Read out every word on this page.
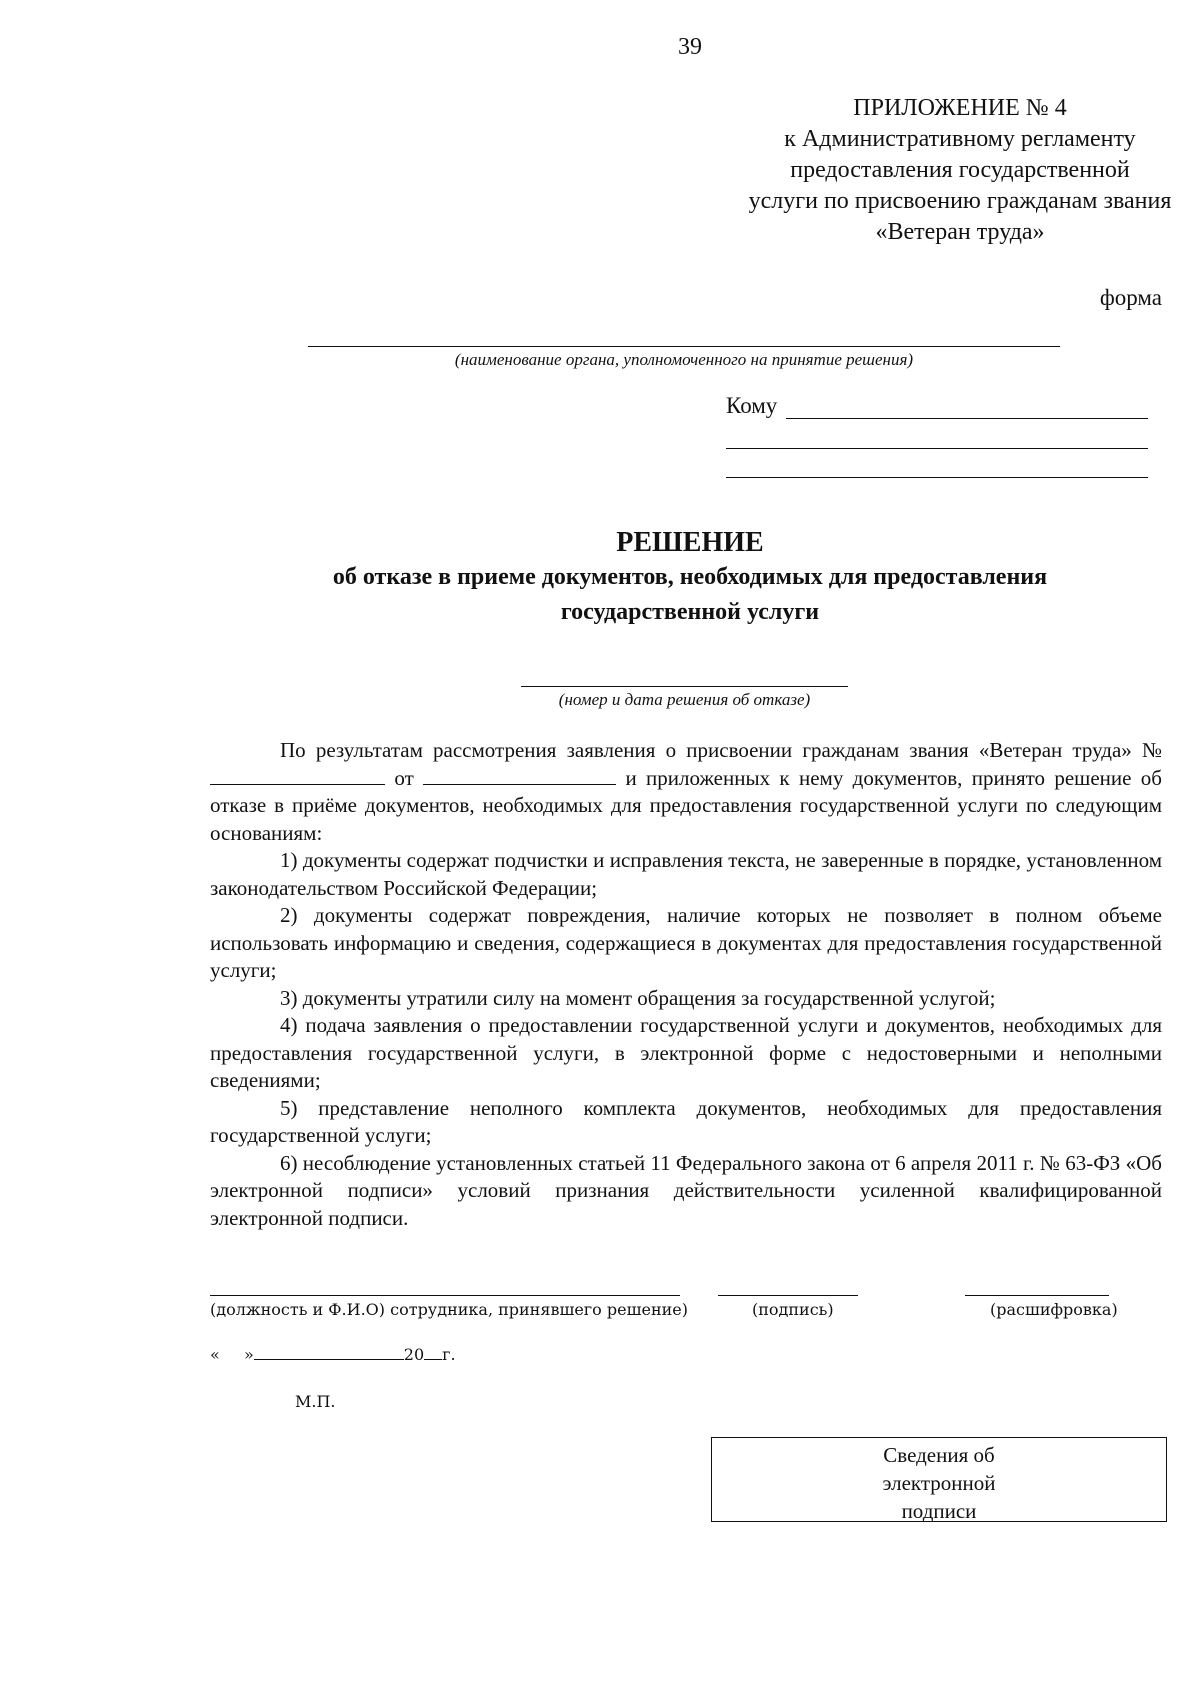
39
ПРИЛОЖЕНИЕ № 4
к Административному регламенту
предоставления государственной
услуги по присвоению гражданам звания
«Ветеран труда»
форма
(наименование органа, уполномоченного на принятие решения)
Кому
РЕШЕНИЕ
об отказе в приеме документов, необходимых для предоставления
государственной услуги
(номер и дата решения об отказе)

По результатам рассмотрения заявления о присвоении гражданам звания «Ветеран труда» № от	и приложенных к нему документов, принято решение об отказе в приёме документов, необходимых для предоставления государственной услуги по следующим основаниям:

1) документы содержат подчистки и исправления текста, не заверенные в порядке, установленном законодательством Российской Федерации;

2) документы содержат повреждения, наличие которых не позволяет в полном объеме использовать информацию и сведения, содержащиеся в документах для предоставления государственной услуги;

3) документы утратили силу на момент обращения за государственной услугой;

4) подача заявления о предоставлении государственной услуги и документов, необходимых для предоставления государственной услуги, в электронной форме с недостоверными и неполными сведениями;

5) представление неполного комплекта документов, необходимых для предоставления государственной услуги;

6) несоблюдение установленных статьей 11 Федерального закона от 6 апреля 2011 г. № 63-ФЗ «Об электронной подписи» условий признания действительности усиленной квалифицированной электронной подписи.

(должность и Ф.И.О) сотрудника, принявшего решение)	(подпись)	(расшифровка)
« »	20 г.
М.П.
Сведения об
электронной
подписи
